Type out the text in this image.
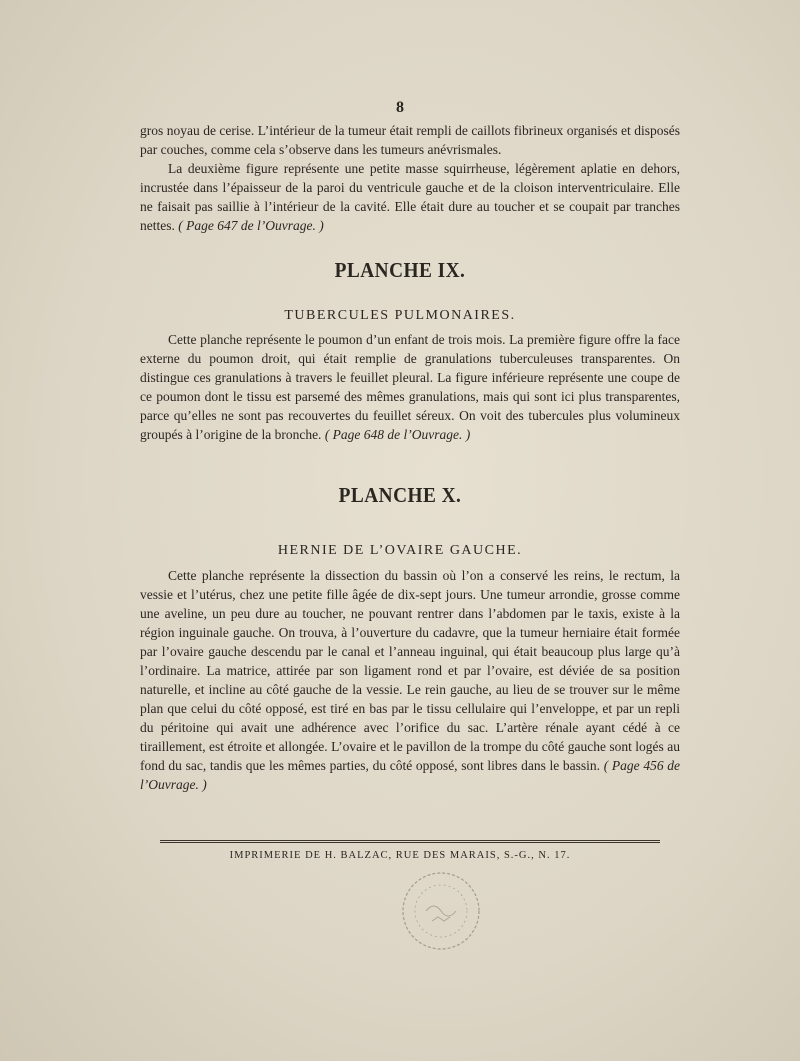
8

gros noyau de cerise. L’intérieur de la tumeur était rempli de caillots fibrineux organisés et disposés par couches, comme cela s’observe dans les tumeurs anévrismales.

La deuxième figure représente une petite masse squirrheuse, légèrement aplatie en dehors, incrustée dans l’épaisseur de la paroi du ventricule gauche et de la cloison interventriculaire. Elle ne faisait pas saillie à l’intérieur de la cavité. Elle était dure au toucher et se coupait par tranches nettes. ( Page 647 de l’Ouvrage. )

PLANCHE IX.
TUBERCULES PULMONAIRES.

Cette planche représente le poumon d’un enfant de trois mois. La première figure offre la face externe du poumon droit, qui était remplie de granulations tuberculeuses transparentes. On distingue ces granulations à travers le feuillet pleural. La figure inférieure représente une coupe de ce poumon dont le tissu est parsemé des mêmes granulations, mais qui sont ici plus transparentes, parce qu’elles ne sont pas recouvertes du feuillet séreux. On voit des tubercules plus volumineux groupés à l’origine de la bronche. ( Page 648 de l’Ouvrage. )

PLANCHE X.
HERNIE DE L’OVAIRE GAUCHE.

Cette planche représente la dissection du bassin où l’on a conservé les reins, le rectum, la vessie et l’utérus, chez une petite fille âgée de dix-sept jours. Une tumeur arrondie, grosse comme une aveline, un peu dure au toucher, ne pouvant rentrer dans l’abdomen par le taxis, existe à la région inguinale gauche. On trouva, à l’ouverture du cadavre, que la tumeur herniaire était formée par l’ovaire gauche descendu par le canal et l’anneau inguinal, qui était beaucoup plus large qu’à l’ordinaire. La matrice, attirée par son ligament rond et par l’ovaire, est déviée de sa position naturelle, et incline au côté gauche de la vessie. Le rein gauche, au lieu de se trouver sur le même plan que celui du côté opposé, est tiré en bas par le tissu cellulaire qui l’enveloppe, et par un repli du péritoine qui avait une adhérence avec l’orifice du sac. L’artère rénale ayant cédé à ce tiraillement, est étroite et allongée. L’ovaire et le pavillon de la trompe du côté gauche sont logés au fond du sac, tandis que les mêmes parties, du côté opposé, sont libres dans le bassin. ( Page 456 de l’Ouvrage. )

IMPRIMERIE DE H. BALZAC, RUE DES MARAIS, S.-G., N. 17.
